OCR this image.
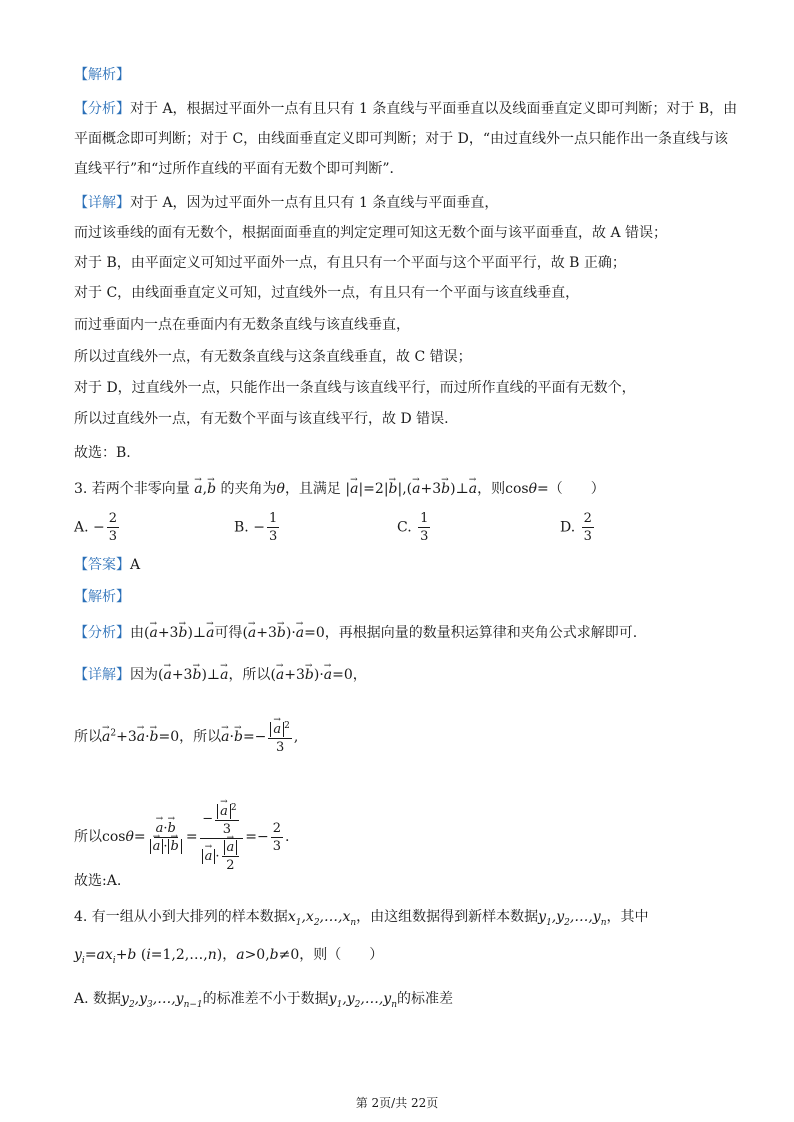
【解析】
【分析】对于 A，根据过平面外一点有且只有 1 条直线与平面垂直以及线面垂直定义即可判断；对于 B，由
平面概念即可判断；对于 C，由线面垂直定义即可判断；对于 D，“由过直线外一点只能作出一条直线与该
直线平行”和“过所作直线的平面有无数个即可判断”．
【详解】对于 A，因为过平面外一点有且只有 1 条直线与平面垂直，
而过该垂线的面有无数个，根据面面垂直的判定定理可知这无数个面与该平面垂直，故 A 错误；
对于 B，由平面定义可知过平面外一点，有且只有一个平面与这个平面平行，故 B 正确；
对于 C，由线面垂直定义可知，过直线外一点，有且只有一个平面与该直线垂直，
而过垂面内一点在垂面内有无数条直线与该直线垂直，
所以过直线外一点，有无数条直线与这条直线垂直，故 C 错误；
对于 D，过直线外一点，只能作出一条直线与该直线平行，而过所作直线的平面有无数个，
所以过直线外一点，有无数个平面与该直线平行，故 D 错误.
故选：B.
3. 若两个非零向量 → a,→ b 的夹角为θ，且满足 |→ a|=2|→ b|,(→ a+3→ b)⊥→ a，则cosθ=（　　）
A. − $\frac{2}{3}$	B. − $\frac{1}{3}$	C. $\frac{1}{3}$	D. $\frac{2}{3}$
【答案】A
【解析】
【分析】由(→ a+3→ b)⊥→ a可得(→ a+3→ b)·→ a=0，再根据向量的数量积运算律和夹角公式求解即可.
【详解】因为(→ a+3→ b)⊥→ a，所以(→ a+3→ b)·→ a=0，
所以→ $a^2+3\to a\cdot\to b=0$，所以→ a·→ b=−
→ $\frac{a ^2}{3}$ ,
所以cosθ=
→ a·→ b
→ a ·→ b = −
→ $\frac{a ^2}{3}$
→ a ·
→ $\frac{a}{2} =- \frac{2}{3}$ .
故选:A.
4. 有一组从小到大排列的样本数据$x_1,x_2,\dots,x_n$，由这组数据得到新样本数据$y_1,y_2,\dots,y_n$，其中
$y_i=ax_i+b$ (i=1,2,…,n)，a>0,b≠0，则（　　）
A. 数据$y_2,y_3,\dots,y_{n-1}$的标准差不小于数据$y_1,y_2,\dots,y_n$的标准差
第 2页/共 22页
